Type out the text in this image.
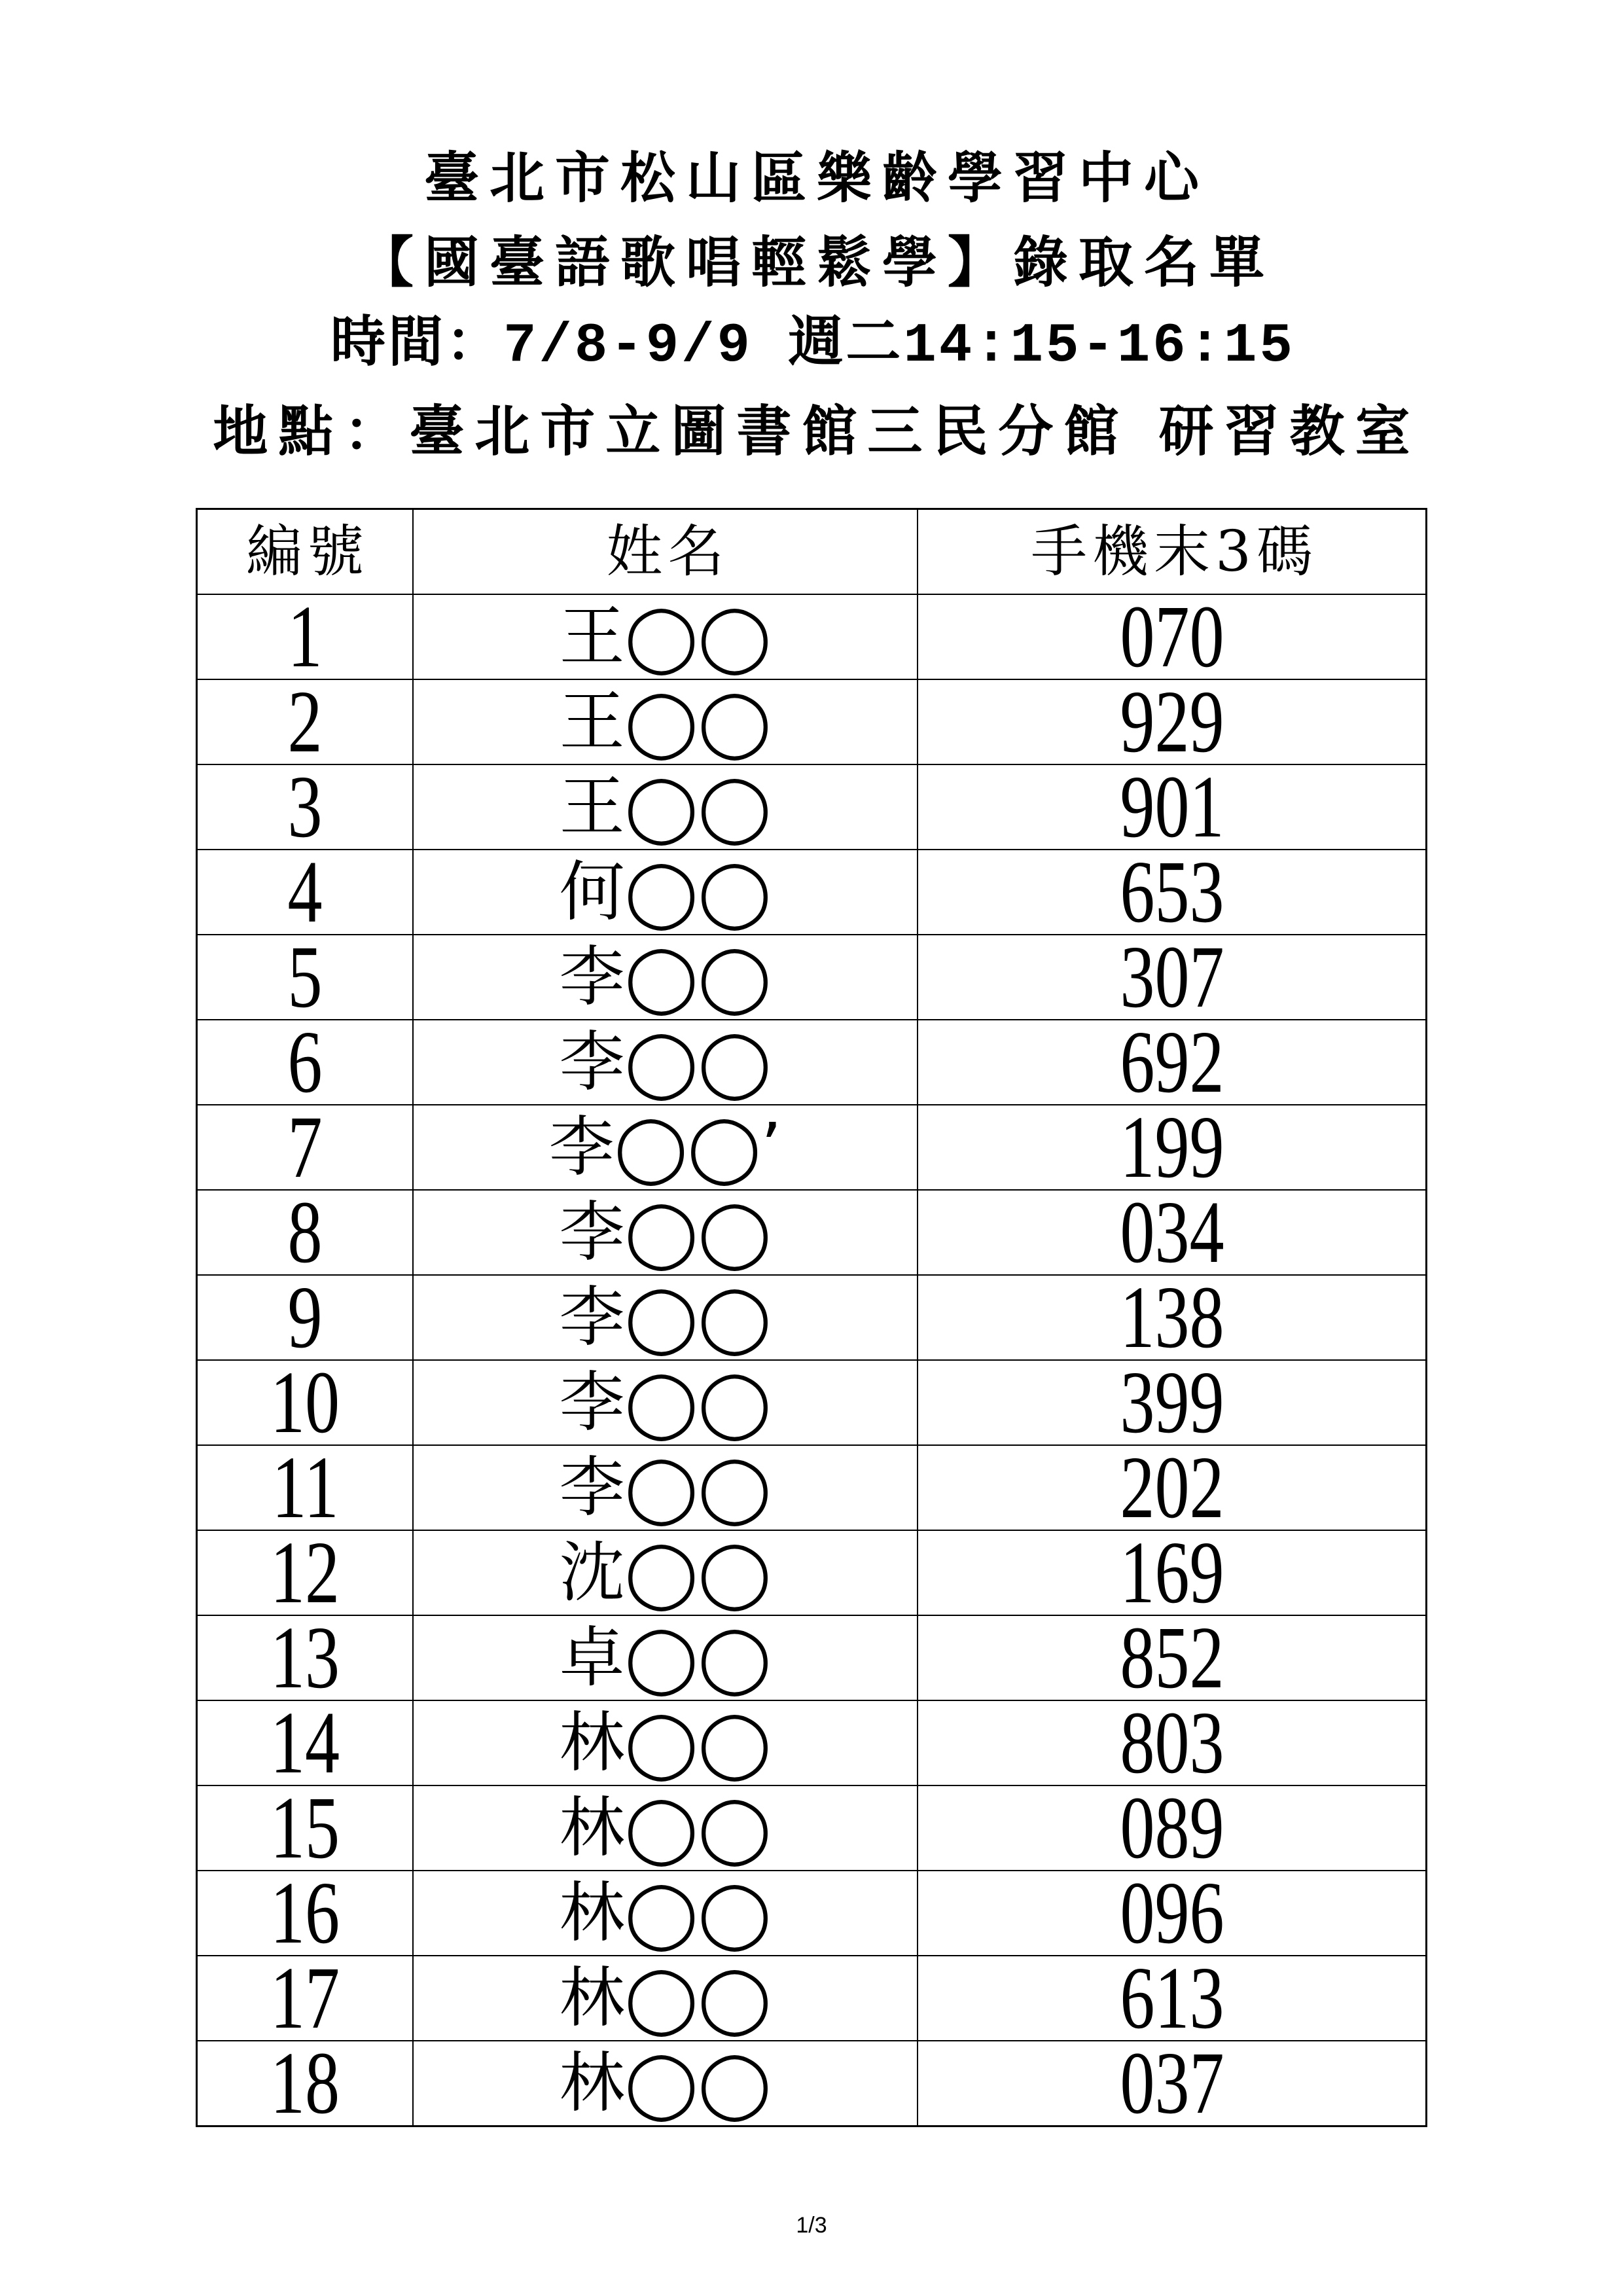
臺北市松山區樂齡學習中心
【國臺語歌唱輕鬆學】錄取名單
時間：7/8-9/9 週二14:15-16:15
地點：臺北市立圖書館三民分館 研習教室
編號	姓名	手機末3碼
1	王◯◯	070
2	王◯◯	929
3	王◯◯	901
4	何◯◯	653
5	李◯◯	307
6	李◯◯	692
7	李◯◯’	199
8	李◯◯	034
9	李◯◯	138
10	李◯◯	399
11	李◯◯	202
12	沈◯◯	169
13	卓◯◯	852
14	林◯◯	803
15	林◯◯	089
16	林◯◯	096
17	林◯◯	613
18	林◯◯	037
1/3
